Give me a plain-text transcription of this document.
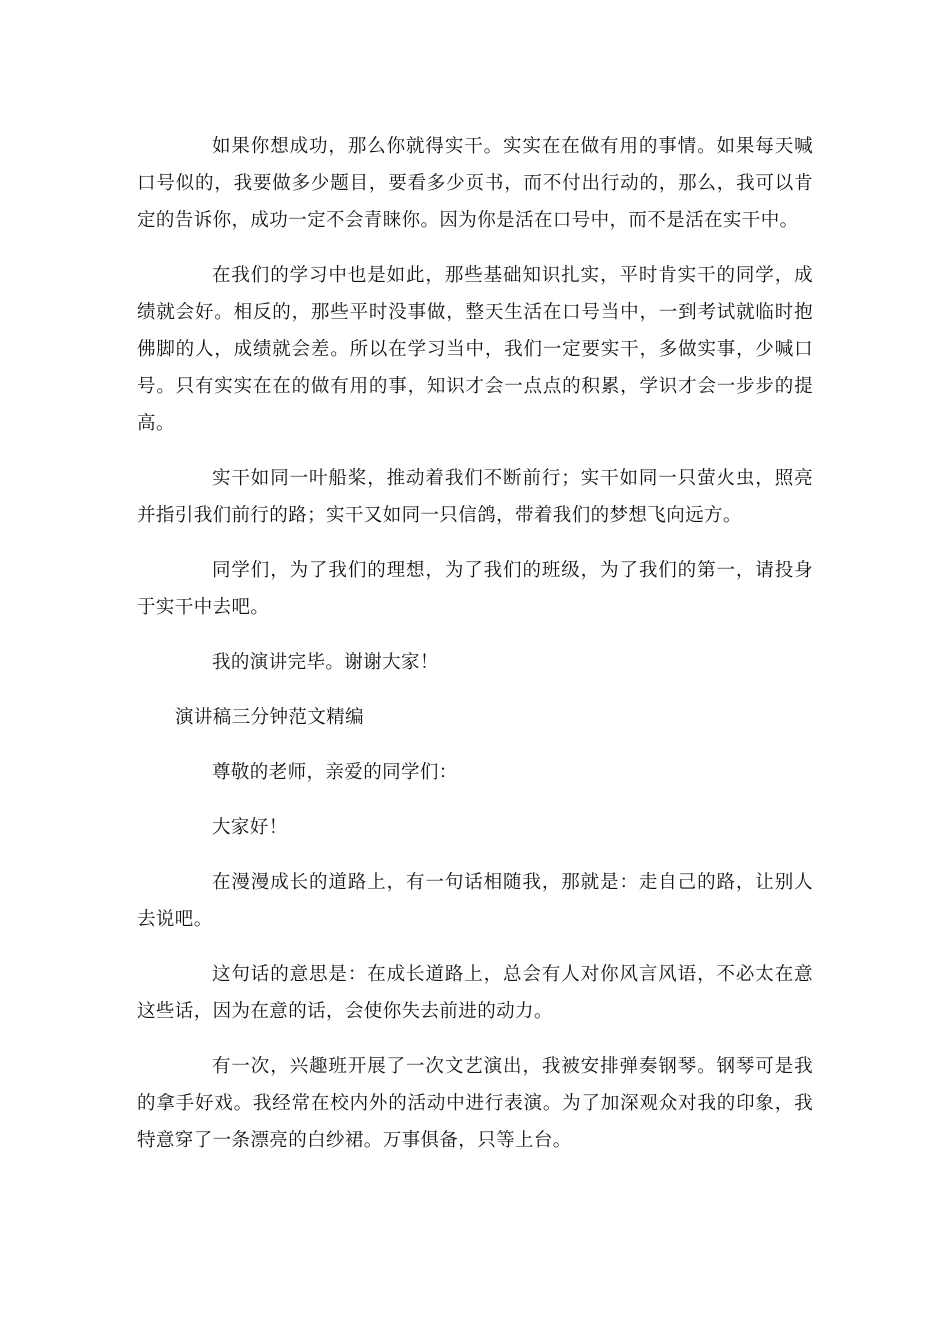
如果你想成功，那么你就得实干。实实在在做有用的事情。如果每天喊口号似的，我要做多少题目，要看多少页书，而不付出行动的，那么，我可以肯定的告诉你，成功一定不会青睐你。因为你是活在口号中，而不是活在实干中。

在我们的学习中也是如此，那些基础知识扎实，平时肯实干的同学，成绩就会好。相反的，那些平时没事做，整天生活在口号当中，一到考试就临时抱佛脚的人，成绩就会差。所以在学习当中，我们一定要实干，多做实事，少喊口号。只有实实在在的做有用的事，知识才会一点点的积累，学识才会一步步的提高。

实干如同一叶船桨，推动着我们不断前行；实干如同一只萤火虫，照亮并指引我们前行的路；实干又如同一只信鸽，带着我们的梦想飞向远方。

同学们，为了我们的理想，为了我们的班级，为了我们的第一，请投身于实干中去吧。

我的演讲完毕。谢谢大家！

演讲稿三分钟范文精编

尊敬的老师，亲爱的同学们：

大家好！

在漫漫成长的道路上，有一句话相随我，那就是：走自己的路，让别人去说吧。

这句话的意思是：在成长道路上，总会有人对你风言风语，不必太在意这些话，因为在意的话，会使你失去前进的动力。

有一次，兴趣班开展了一次文艺演出，我被安排弹奏钢琴。钢琴可是我的拿手好戏。我经常在校内外的活动中进行表演。为了加深观众对我的印象，我特意穿了一条漂亮的白纱裙。万事俱备，只等上台。
